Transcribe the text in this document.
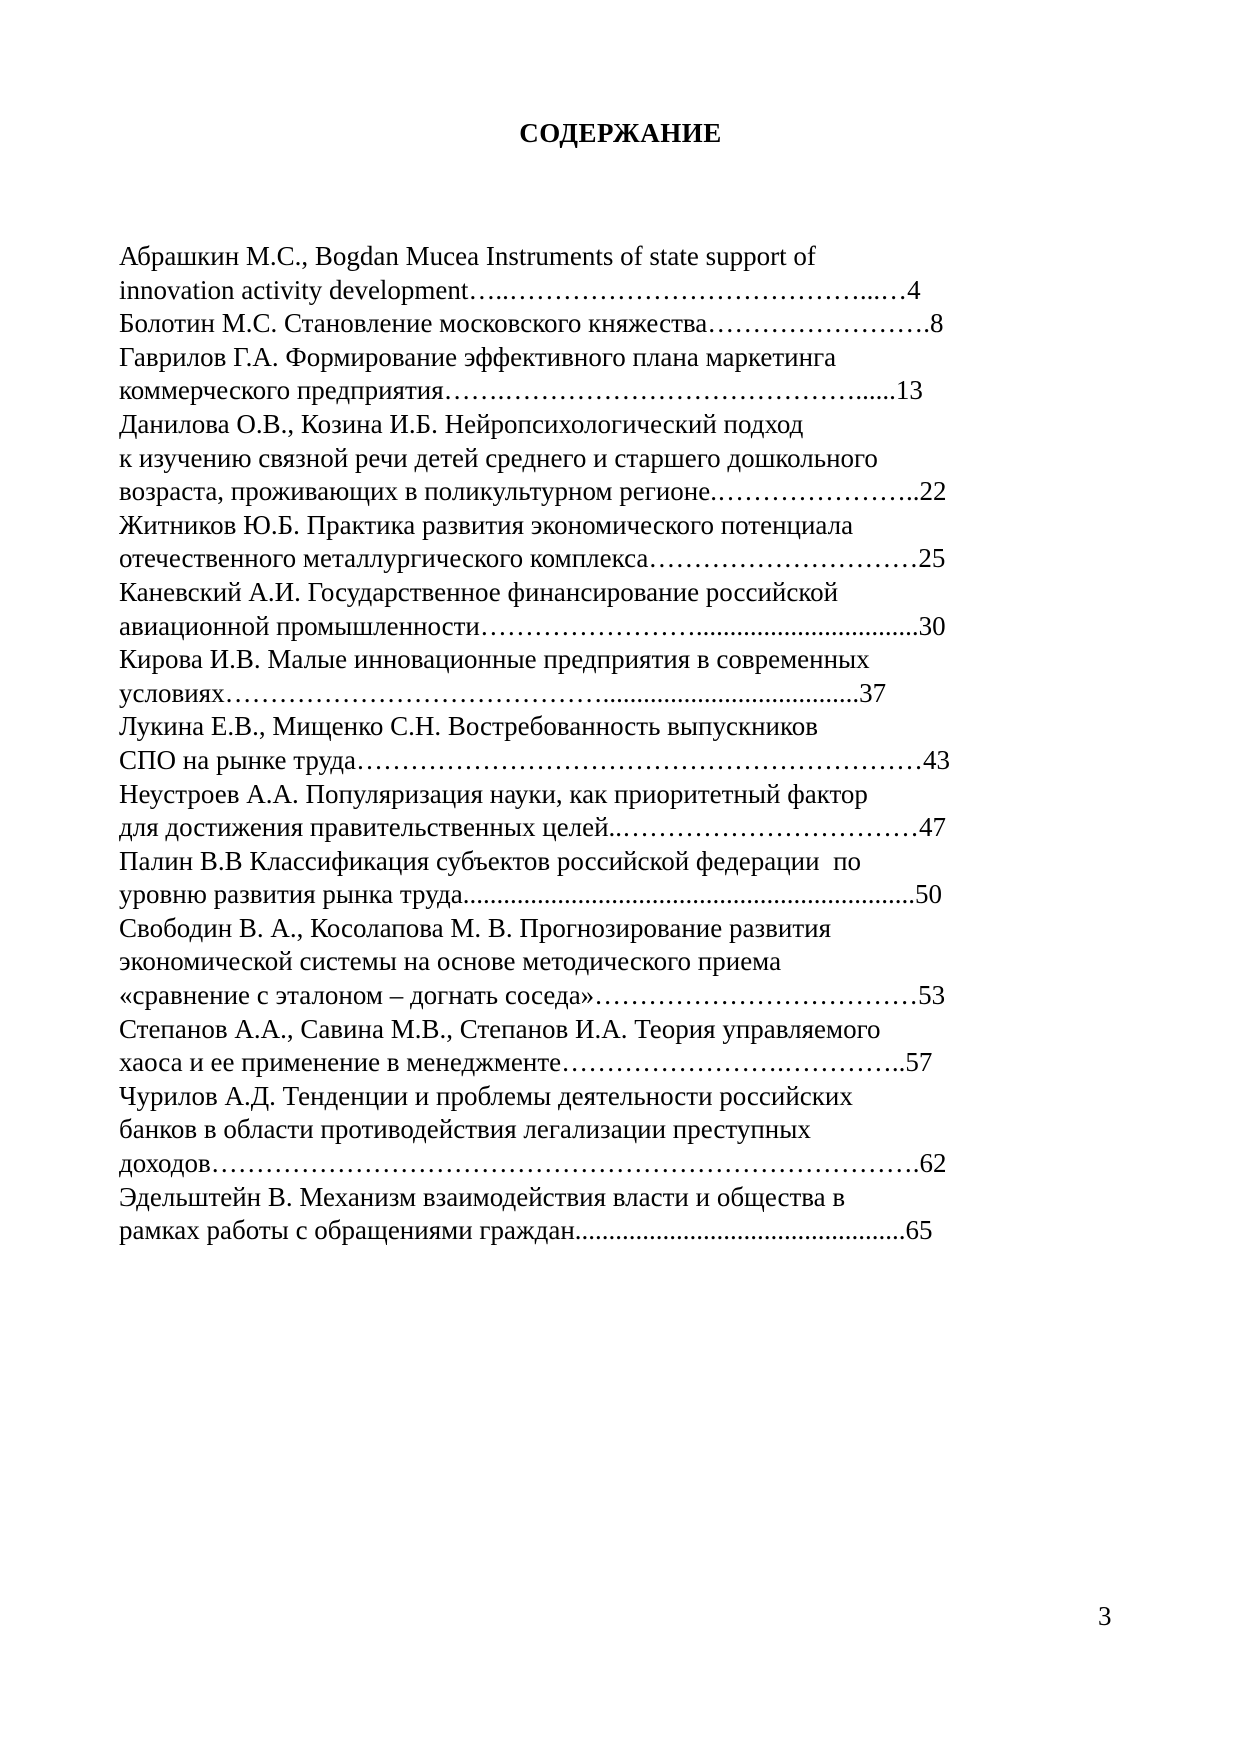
СОДЕРЖАНИЕ
Абрашкин М.С., Bogdan Mucea Instruments of state support of
innovation activity development…..…………………………………...…4
Болотин М.С. Становление московского княжества…………………….8
Гаврилов Г.А. Формирование эффективного плана маркетинга
коммерческого предприятия…….…………………………………......13
Данилова О.В., Козина И.Б. Нейропсихологический подход
к изучению связной речи детей среднего и старшего дошкольного
возраста, проживающих в поликультурном регионе.…………………..22
Житников Ю.Б. Практика развития экономического потенциала
отечественного металлургического комплекса…………………………25
Каневский А.И. Государственное финансирование российской
авиационной промышленности…………………….................................30
Кирова И.В. Малые инновационные предприятия в современных
условиях……………………………………......................................37
Лукина Е.В., Мищенко С.Н. Востребованность выпускников
СПО на рынке труда………………………………………………………43
Неустроев А.А. Популяризация науки, как приоритетный фактор
для достижения правительственных целей..……………………………47
Палин В.В Классификация субъектов российской федерации  по
уровню развития рынка труда...................................................................50
Свободин В. А., Косолапова М. В. Прогнозирование развития
экономической системы на основе методического приема
«сравнение с эталоном – догнать соседа»………………………………53
Степанов А.А., Савина М.В., Степанов И.А. Теория управляемого
хаоса и ее применение в менеджменте…………………….…………..57
Чурилов А.Д. Тенденции и проблемы деятельности российских
банков в области противодействия легализации преступных
доходов…………………………………………………………………….62
Эдельштейн В. Механизм взаимодействия власти и общества в
рамках работы с обращениями граждан.................................................65
3
